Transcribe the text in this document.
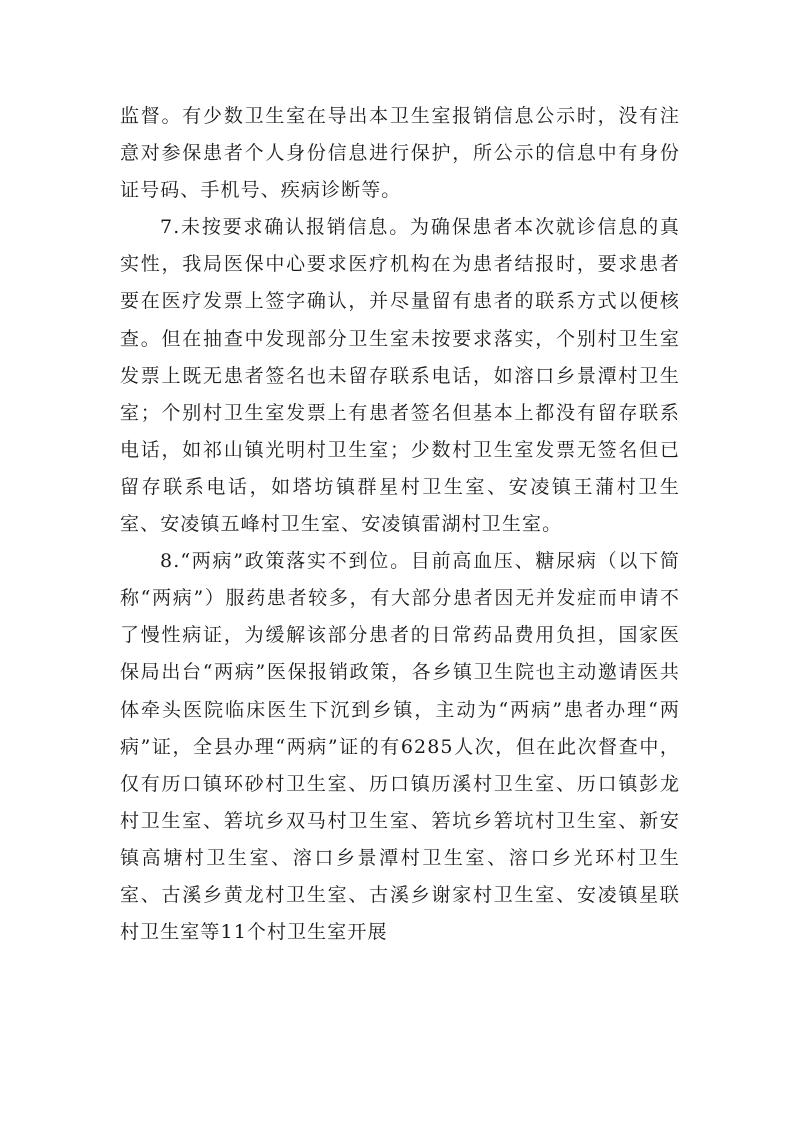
监督。有少数卫生室在导出本卫生室报销信息公示时，没有注意对参保患者个人身份信息进行保护，所公示的信息中有身份证号码、手机号、疾病诊断等。

7.未按要求确认报销信息。为确保患者本次就诊信息的真实性，我局医保中心要求医疗机构在为患者结报时，要求患者要在医疗发票上签字确认，并尽量留有患者的联系方式以便核查。但在抽查中发现部分卫生室未按要求落实，个别村卫生室发票上既无患者签名也未留存联系电话，如溶口乡景潭村卫生室；个别村卫生室发票上有患者签名但基本上都没有留存联系电话，如祁山镇光明村卫生室；少数村卫生室发票无签名但已留存联系电话，如塔坊镇群星村卫生室、安凌镇王蒲村卫生室、安凌镇五峰村卫生室、安凌镇雷湖村卫生室。

8.“两病”政策落实不到位。目前高血压、糖尿病（以下简称“两病”）服药患者较多，有大部分患者因无并发症而申请不了慢性病证，为缓解该部分患者的日常药品费用负担，国家医保局出台“两病”医保报销政策，各乡镇卫生院也主动邀请医共体牵头医院临床医生下沉到乡镇，主动为“两病”患者办理“两病”证，全县办理“两病”证的有6285人次，但在此次督查中，仅有历口镇环砂村卫生室、历口镇历溪村卫生室、历口镇彭龙村卫生室、箬坑乡双马村卫生室、箬坑乡箬坑村卫生室、新安镇高塘村卫生室、溶口乡景潭村卫生室、溶口乡光环村卫生室、古溪乡黄龙村卫生室、古溪乡谢家村卫生室、安凌镇星联村卫生室等11个村卫生室开展
